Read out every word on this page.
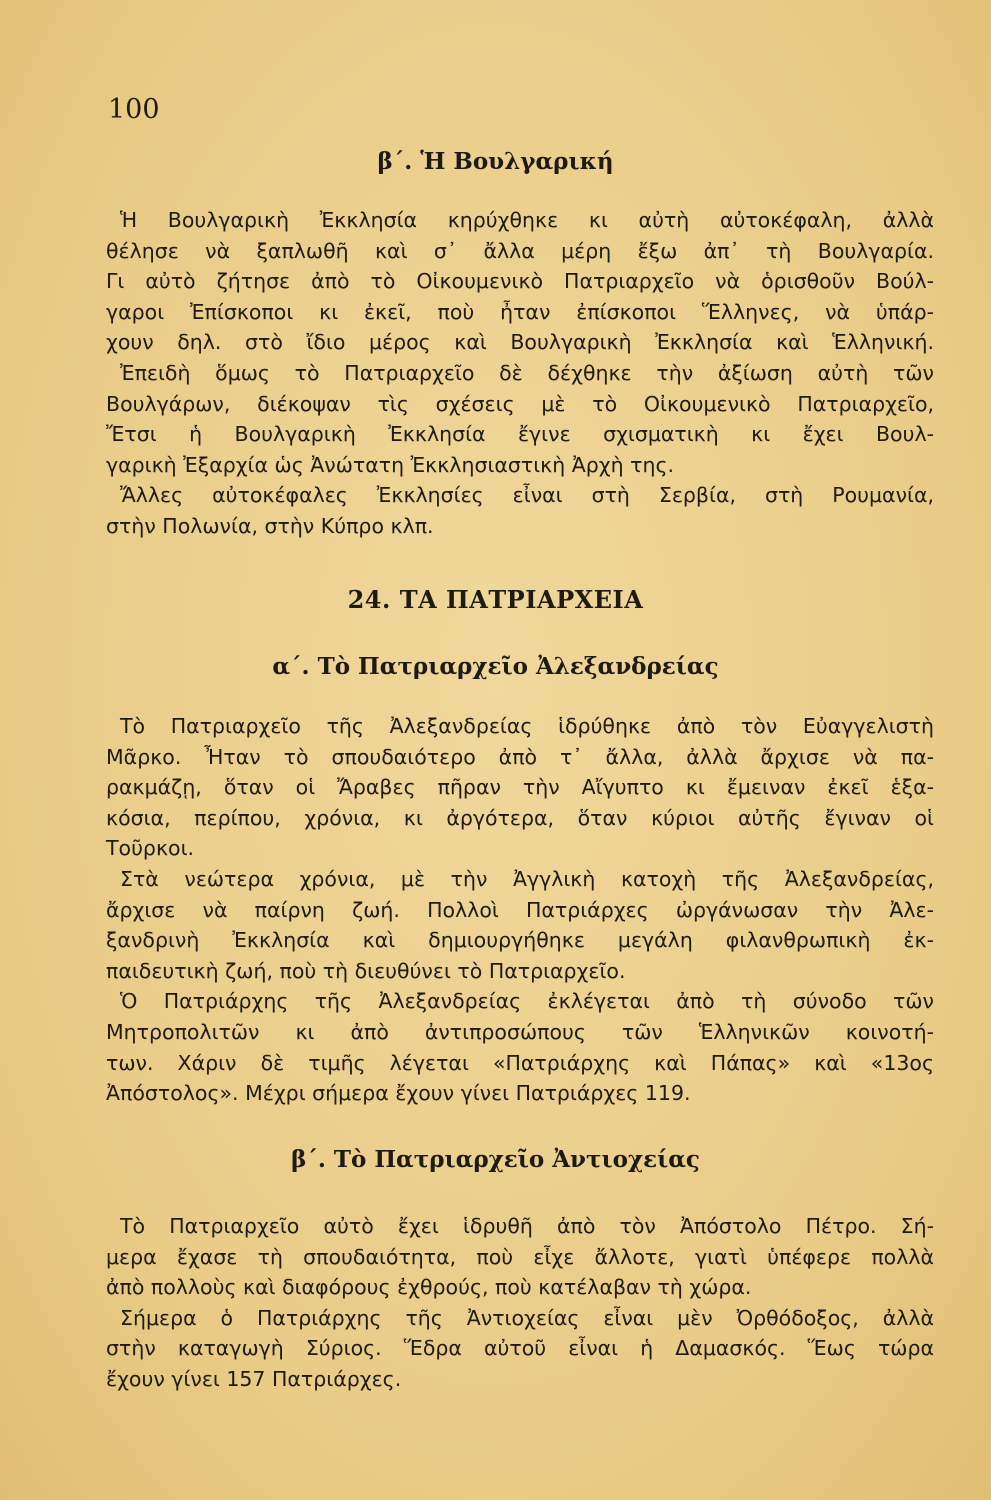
100
β΄. Ἡ Βουλγαρική
Ἡ Βουλγαρικὴ Ἐκκλησία κηρύχθηκε κι αὐτὴ αὐτοκέφαλη, ἀλλὰ
θέλησε νὰ ξαπλωθῆ καὶ σ᾽ ἄλλα μέρη ἔξω ἀπ᾽ τὴ Βουλγαρία.
Γι αὐτὸ ζήτησε ἀπὸ τὸ Οἰκουμενικὸ Πατριαρχεῖο νὰ ὁρισθοῦν Βούλ-
γαροι Ἐπίσκοποι κι ἐκεῖ, ποὺ ἦταν ἐπίσκοποι Ἕλληνες, νὰ ὑπάρ-
χουν δηλ. στὸ ἴδιο μέρος καὶ Βουλγαρικὴ Ἐκκλησία καὶ Ἑλληνική.
Ἐπειδὴ ὅμως τὸ Πατριαρχεῖο δὲ δέχθηκε τὴν ἀξίωση αὐτὴ τῶν
Βουλγάρων, διέκοψαν τὶς σχέσεις μὲ τὸ Οἰκουμενικὸ Πατριαρχεῖο,
Ἔτσι ἡ Βουλγαρικὴ Ἐκκλησία ἔγινε σχισματικὴ κι ἔχει Βουλ-
γαρικὴ Ἐξαρχία ὡς Ἀνώτατη Ἐκκλησιαστικὴ Ἀρχὴ της.
Ἄλλες αὐτοκέφαλες Ἐκκλησίες εἶναι στὴ Σερβία, στὴ Ρουμανία,
στὴν Πολωνία, στὴν Κύπρο κλπ.
24. ΤΑ ΠΑΤΡΙΑΡΧΕΙΑ
α΄. Τὸ Πατριαρχεῖο Ἀλεξανδρείας
Τὸ Πατριαρχεῖο τῆς Ἀλεξανδρείας ἱδρύθηκε ἀπὸ τὸν Εὐαγγελιστὴ
Μᾶρκο. Ἦταν τὸ σπουδαιότερο ἀπὸ τ᾽ ἄλλα, ἀλλὰ ἄρχισε νὰ πα-
ρακμάζῃ, ὅταν οἱ Ἄραβες πῆραν τὴν Αἴγυπτο κι ἔμειναν ἐκεῖ ἑξα-
κόσια, περίπου, χρόνια, κι ἀργότερα, ὅταν κύριοι αὐτῆς ἔγιναν οἱ
Τοῦρκοι.
Στὰ νεώτερα χρόνια, μὲ τὴν Ἀγγλικὴ κατοχὴ τῆς Ἀλεξανδρείας,
ἄρχισε νὰ παίρνη ζωή. Πολλοὶ Πατριάρχες ὠργάνωσαν τὴν Ἀλε-
ξανδρινὴ Ἐκκλησία καὶ δημιουργήθηκε μεγάλη φιλανθρωπικὴ ἐκ-
παιδευτικὴ ζωή, ποὺ τὴ διευθύνει τὸ Πατριαρχεῖο.
Ὁ Πατριάρχης τῆς Ἀλεξανδρείας ἐκλέγεται ἀπὸ τὴ σύνοδο τῶν
Μητροπολιτῶν κι ἀπὸ ἀντιπροσώπους τῶν Ἑλληνικῶν κοινοτή-
των. Χάριν δὲ τιμῆς λέγεται «Πατριάρχης καὶ Πάπας» καὶ «13ος
Ἀπόστολος». Μέχρι σήμερα ἔχουν γίνει Πατριάρχες 119.
β΄. Τὸ Πατριαρχεῖο Ἀντιοχείας
Τὸ Πατριαρχεῖο αὐτὸ ἔχει ἱδρυθῆ ἀπὸ τὸν Ἀπόστολο Πέτρο. Σή-
μερα ἔχασε τὴ σπουδαιότητα, ποὺ εἶχε ἄλλοτε, γιατὶ ὑπέφερε πολλὰ
ἀπὸ πολλοὺς καὶ διαφόρους ἐχθρούς, ποὺ κατέλαβαν τὴ χώρα.
Σήμερα ὁ Πατριάρχης τῆς Ἀντιοχείας εἶναι μὲν Ὀρθόδοξος, ἀλλὰ
στὴν καταγωγὴ Σύριος. Ἕδρα αὐτοῦ εἶναι ἡ Δαμασκός. Ἕως τώρα
ἔχουν γίνει 157 Πατριάρχες.
